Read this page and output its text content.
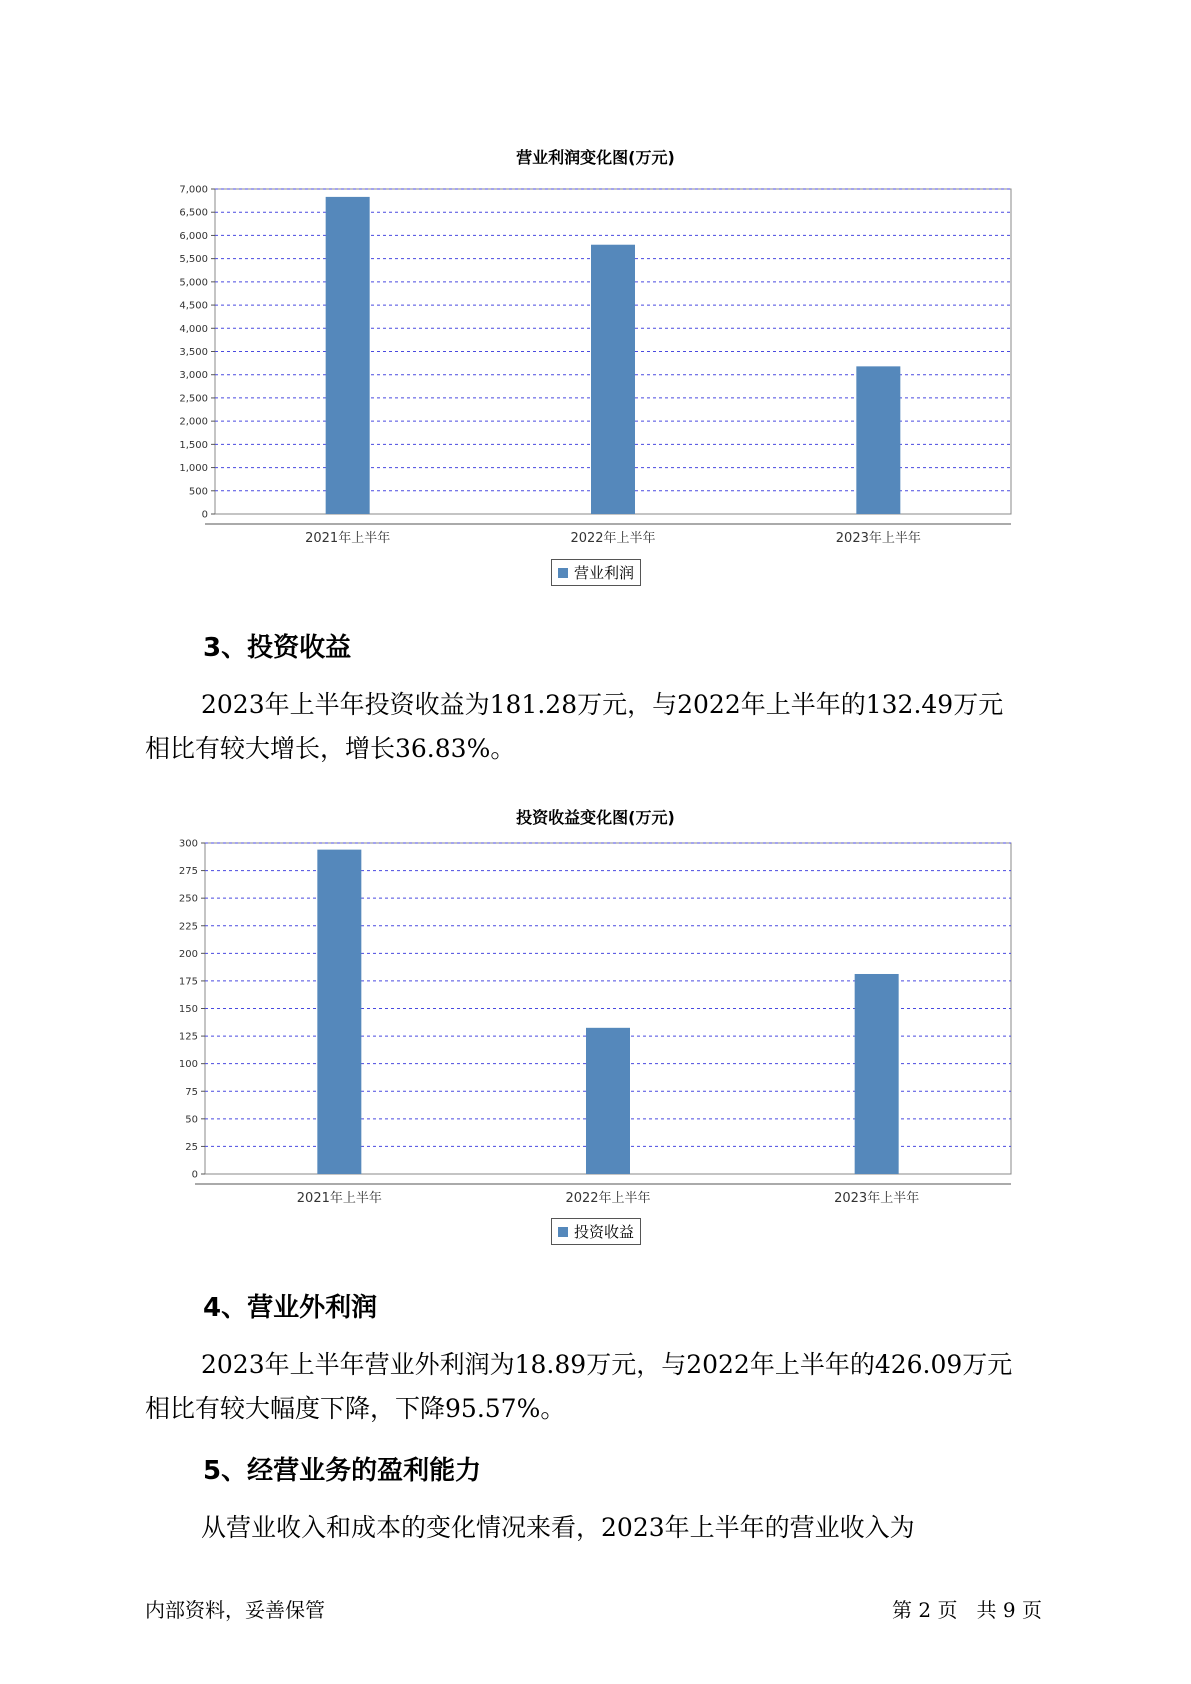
营业利润变化图(万元)
0
500
1,000
1,500
2,000
2,500
3,000
3,500
4,000
4,500
5,000
5,500
6,000
6,500
7,000
2021年上半年	2022年上半年	2023年上半年
营业利润
3、投资收益
2023年上半年投资收益为181.28万元，与2022年上半年的132.49万元
相比有较大增长，增长36.83%。
投资收益变化图(万元)
0
25
50
75
100
125
150
175
200
225
250
275
300
2021年上半年	2022年上半年	2023年上半年
投资收益
4、营业外利润
2023年上半年营业外利润为18.89万元，与2022年上半年的426.09万元
相比有较大幅度下降，下降95.57%。
5、经营业务的盈利能力
从营业收入和成本的变化情况来看，2023年上半年的营业收入为
内部资料，妥善保管	第 2 页   共 9 页
